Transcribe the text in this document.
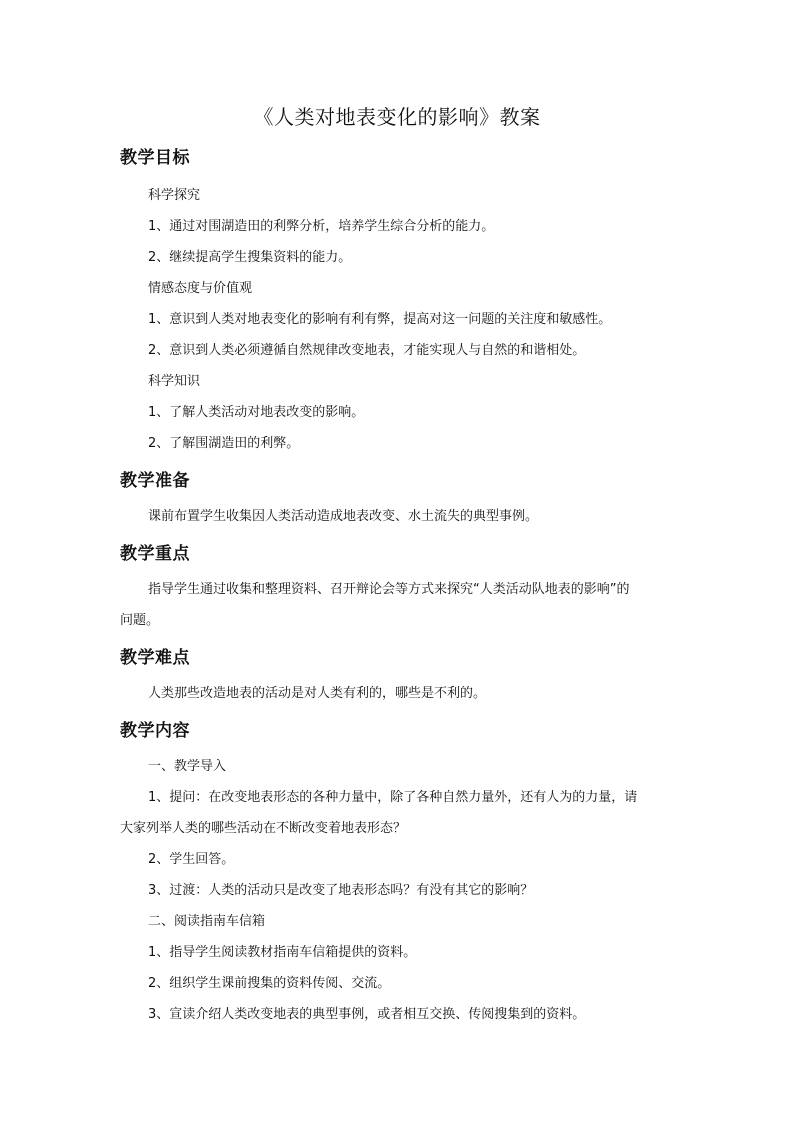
《人类对地表变化的影响》教案
教学目标
科学探究
1、通过对围湖造田的利弊分析，培养学生综合分析的能力。
2、继续提高学生搜集资料的能力。
情感态度与价值观
1、意识到人类对地表变化的影响有利有弊，提高对这一问题的关注度和敏感性。
2、意识到人类必须遵循自然规律改变地表，才能实现人与自然的和谐相处。
科学知识
1、了解人类活动对地表改变的影响。
2、了解围湖造田的利弊。
教学准备
课前布置学生收集因人类活动造成地表改变、水土流失的典型事例。
教学重点
指导学生通过收集和整理资料、召开辩论会等方式来探究“人类活动队地表的影响”的
问题。
教学难点
人类那些改造地表的活动是对人类有利的，哪些是不利的。
教学内容
一、教学导入
1、提问：在改变地表形态的各种力量中，除了各种自然力量外，还有人为的力量，请
大家列举人类的哪些活动在不断改变着地表形态？
2、学生回答。
3、过渡：人类的活动只是改变了地表形态吗？有没有其它的影响？
二、阅读指南车信箱
1、指导学生阅读教材指南车信箱提供的资料。
2、组织学生课前搜集的资料传阅、交流。
3、宣读介绍人类改变地表的典型事例，或者相互交换、传阅搜集到的资料。
